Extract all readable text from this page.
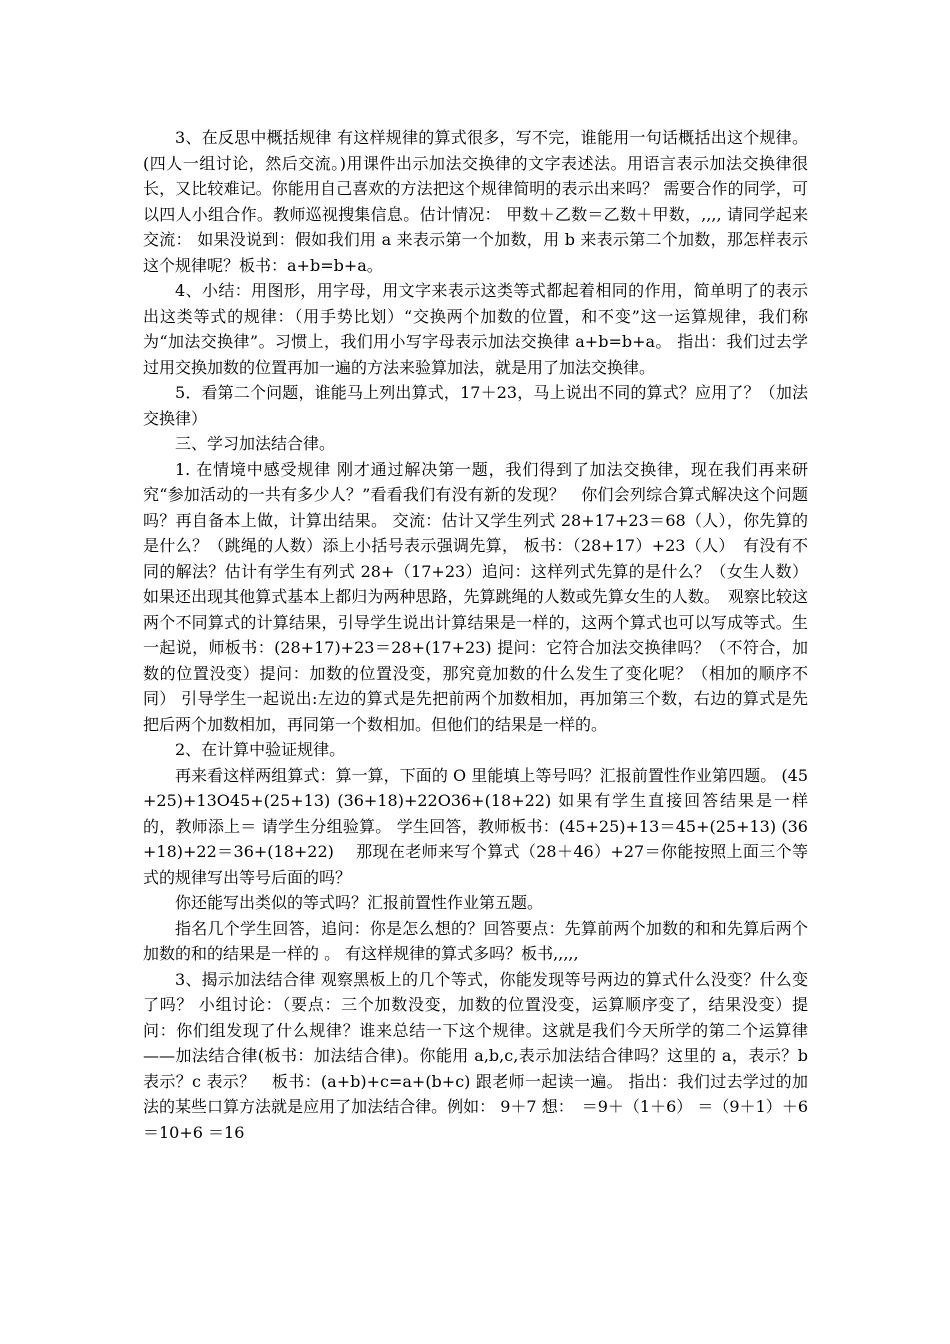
3、在反思中概括规律 有这样规律的算式很多，写不完，谁能用一句话概括出这个规律。(四人一组讨论，然后交流。)用课件出示加法交换律的文字表述法。用语言表示加法交换律很长，又比较难记。你能用自己喜欢的方法把这个规律简明的表示出来吗？ 需要合作的同学，可以四人小组合作。教师巡视搜集信息。估计情况： 甲数＋乙数＝乙数＋甲数，,,,, 请同学起来交流： 如果没说到：假如我们用 a 来表示第一个加数，用 b 来表示第二个加数，那怎样表示这个规律呢？板书：a+b=b+a。

4、小结：用图形，用字母，用文字来表示这类等式都起着相同的作用，简单明了的表示出这类等式的规律：（用手势比划）“交换两个加数的位置，和不变”这一运算规律，我们称为“加法交换律”。习惯上，我们用小写字母表示加法交换律 a+b=b+a。 指出：我们过去学过用交换加数的位置再加一遍的方法来验算加法，就是用了加法交换律。

5．看第二个问题，谁能马上列出算式，17＋23，马上说出不同的算式？应用了？（加法交换律）

三、学习加法结合律。

1. 在情境中感受规律 刚才通过解决第一题，我们得到了加法交换律，现在我们再来研究“参加活动的一共有多少人？”看看我们有没有新的发现？　你们会列综合算式解决这个问题吗？再自备本上做，计算出结果。 交流：估计又学生列式 28+17+23＝68（人），你先算的是什么？（跳绳的人数）添上小括号表示强调先算， 板书：（28+17）+23（人）　有没有不同的解法？估计有学生有列式 28+（17+23）追问：这样列式先算的是什么？（女生人数）如果还出现其他算式基本上都归为两种思路，先算跳绳的人数或先算女生的人数。　观察比较这两个不同算式的计算结果，引导学生说出计算结果是一样的，这两个算式也可以写成等式。生一起说，师板书：(28+17)+23＝28+(17+23) 提问：它符合加法交换律吗？（不符合，加数的位置没变）提问：加数的位置没变，那究竟加数的什么发生了变化呢？（相加的顺序不同） 引导学生一起说出:左边的算式是先把前两个加数相加，再加第三个数，右边的算式是先把后两个加数相加，再同第一个数相加。但他们的结果是一样的。

2、在计算中验证规律。

再来看这样两组算式：算一算，下面的 O 里能填上等号吗？汇报前置性作业第四题。 (45+25)+13O45+(25+13) (36+18)+22O36+(18+22) 如果有学生直接回答结果是一样的，教师添上＝ 请学生分组验算。 学生回答，教师板书：(45+25)+13＝45+(25+13) (36+18)+22＝36+(18+22)　 那现在老师来写个算式（28＋46）+27＝你能按照上面三个等式的规律写出等号后面的吗？

你还能写出类似的等式吗？汇报前置性作业第五题。

指名几个学生回答，追问：你是怎么想的？回答要点：先算前两个加数的和和先算后两个加数的和的结果是一样的 。 有这样规律的算式多吗？板书,,,,,

3、揭示加法结合律 观察黑板上的几个等式，你能发现等号两边的算式什么没变？什么变了吗？ 小组讨论：（要点：三个加数没变，加数的位置没变，运算顺序变了，结果没变）提问：你们组发现了什么规律？谁来总结一下这个规律。这就是我们今天所学的第二个运算律——加法结合律(板书：加法结合律)。你能用 a,b,c,表示加法结合律吗？这里的 a，表示？b 表示？c 表示？　板书：(a+b)+c=a+(b+c) 跟老师一起读一遍。 指出：我们过去学过的加法的某些口算方法就是应用了加法结合律。例如： 9＋7 想：　＝9＋（1＋6） ＝（9＋1）＋6 ＝10+6 ＝16
